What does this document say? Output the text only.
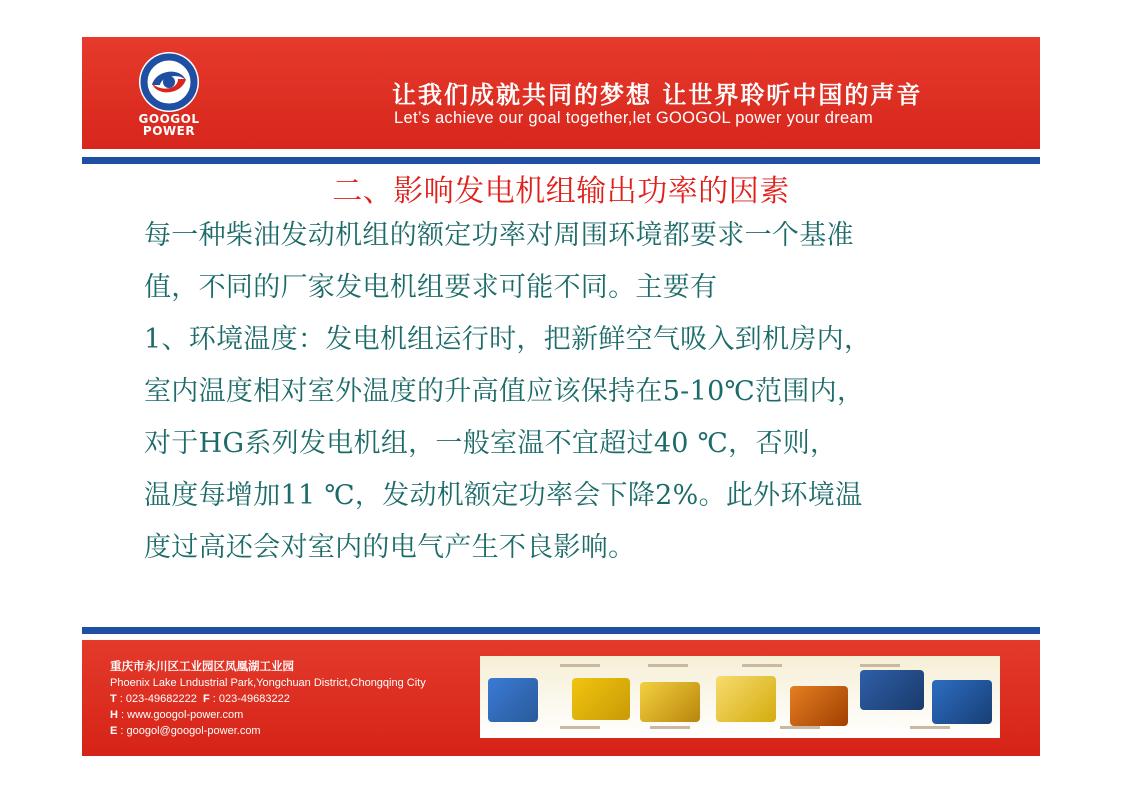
GOOGOL
POWER
让我们成就共同的梦想 让世界聆听中国的声音
Let’s achieve our goal together,let GOOGOL power your dream
二、影响发电机组输出功率的因素
每一种柴油发动机组的额定功率对周围环境都要求一个基准
值，不同的厂家发电机组要求可能不同。主要有
1、环境温度：发电机组运行时，把新鲜空气吸入到机房内，
室内温度相对室外温度的升高值应该保持在5-10℃范围内，
对于HG系列发电机组，一般室温不宜超过40 ℃，否则，
温度每增加11 ℃，发动机额定功率会下降2%。此外环境温
度过高还会对室内的电气产生不良影响。
重庆市永川区工业园区凤凰湖工业园
Phoenix Lake Lndustrial Park,Yongchuan District,Chongqing City
T : 023-49682222 F : 023-49683222
H : www.googol-power.com
E : googol@googol-power.com
